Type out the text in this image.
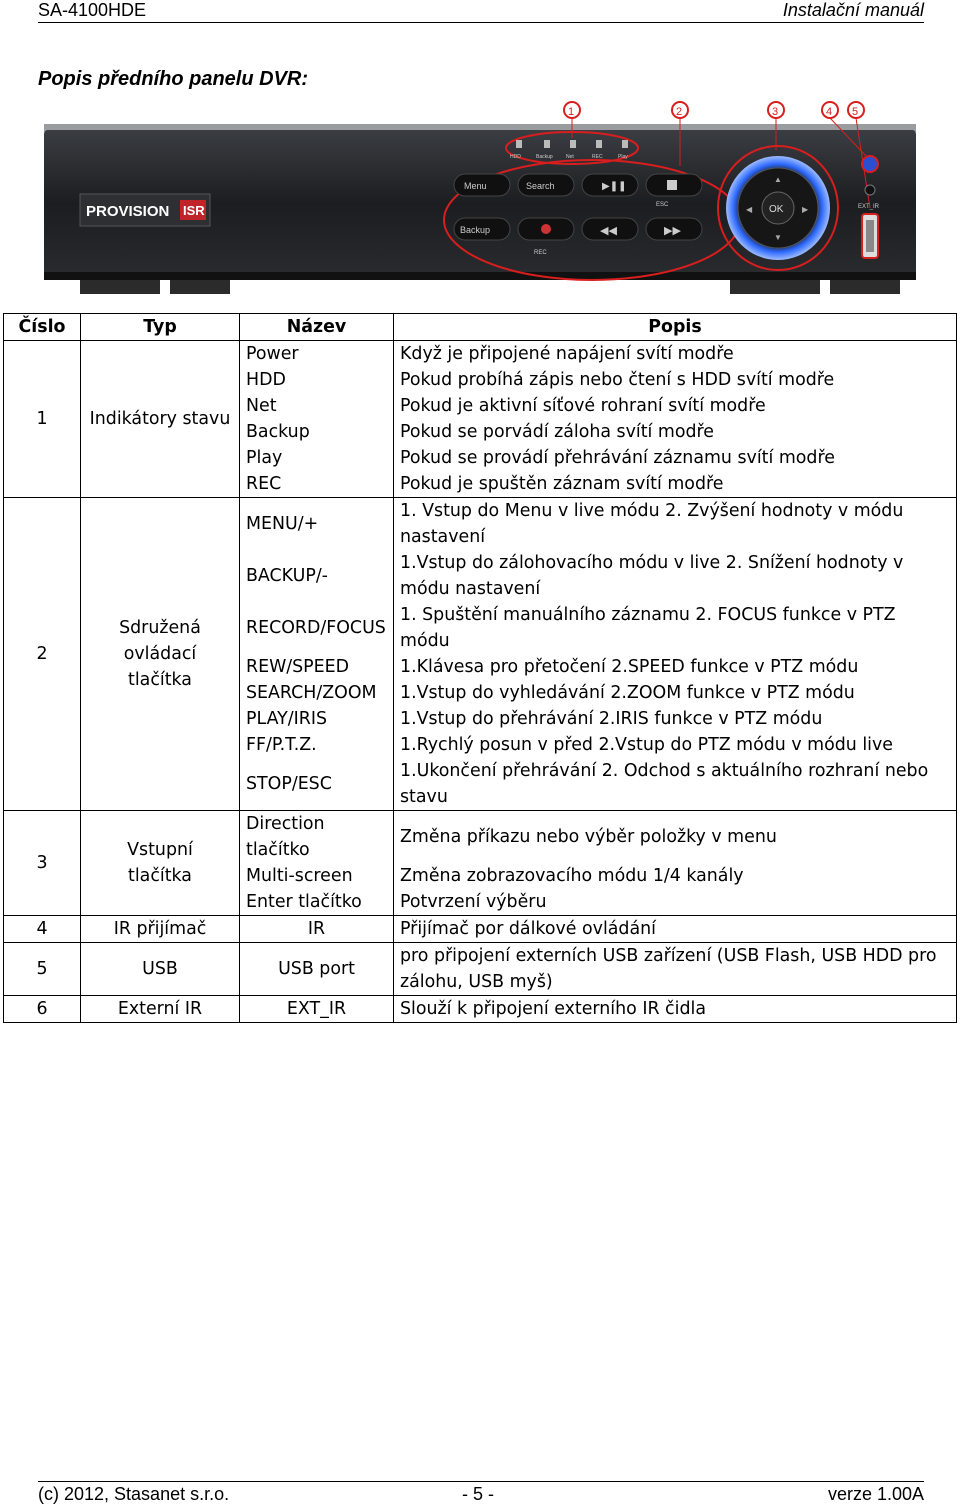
SA-4100HDE	Instalační manuál
Popis předního panelu DVR:
PROVISION ISR
1	2	3	4 5
HDD	Backup	Net	REC	Play
Menu	Search	▶❚❚
ESC
Backup
REC
◀◀	▶▶
OK
▲
▼
◀	▶	EXT_IR
Číslo	Typ	Název	Popis
1	Indikátory stavu	Power	Když je připojené napájení svítí modře
		HDD	Pokud probíhá zápis nebo čtení s HDD svítí modře
		Net	Pokud je aktivní síťové rohraní svítí modře
		Backup	Pokud se porvádí záloha svítí modře
		Play	Pokud se provádí přehrávání záznamu svítí modře
		REC	Pokud je spuštěn záznam svítí modře
2	Sdružená ovládací tlačítka	MENU/+	1. Vstup do Menu v live módu 2. Zvýšení hodnoty v módu nastavení
		BACKUP/-	1.Vstup do zálohovacího módu v live 2. Snížení hodnoty v módu nastavení
		RECORD/FOCUS	1. Spuštění manuálního záznamu 2. FOCUS funkce v PTZ módu
		REW/SPEED	1.Klávesa pro přetočení 2.SPEED funkce v PTZ módu
		SEARCH/ZOOM	1.Vstup do vyhledávání 2.ZOOM funkce v PTZ módu
		PLAY/IRIS	1.Vstup do přehrávání 2.IRIS funkce v PTZ módu
		FF/P.T.Z.	1.Rychlý posun v před 2.Vstup do PTZ módu v módu live
		STOP/ESC	1.Ukončení přehrávání 2. Odchod s aktuálního rozhraní nebo stavu
3	Vstupní tlačítka	Direction tlačítko	Změna příkazu nebo výběr položky v menu
		Multi-screen	Změna zobrazovacího módu 1/4 kanály
		Enter tlačítko	Potvrzení výběru
4	IR přijímač	IR	Přijímač por dálkové ovládání
5	USB	USB port	pro připojení externích USB zařízení (USB Flash, USB HDD pro zálohu, USB myš)
6	Externí IR	EXT_IR	Slouží k připojení externího IR čidla
(c) 2012, Stasanet s.r.o.	- 5 -	verze 1.00A
